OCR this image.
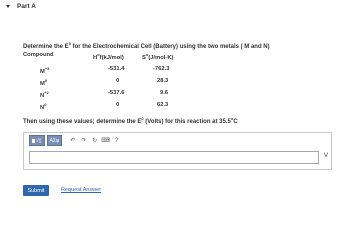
Part A
Determine the $E^0$ for the Electrochemical Cell (Battery) using the two metals ( M and N)
Compound	$H^of(kJ/mol)$	$S^o(J/mol-K)$
$M^{+3}$	-531.4	-762.3
$M^0$	0	28.3
$N^{+2}$	-537.6	9.6
$N^0$	0	62.3
Then using these values; determine the $E^0$ (Volts) for this reaction at 35.5$^o$C
√▯	ΑΣφ	↶ ↷ ↻ ⌨ ?
V
Submit	Request Answer
